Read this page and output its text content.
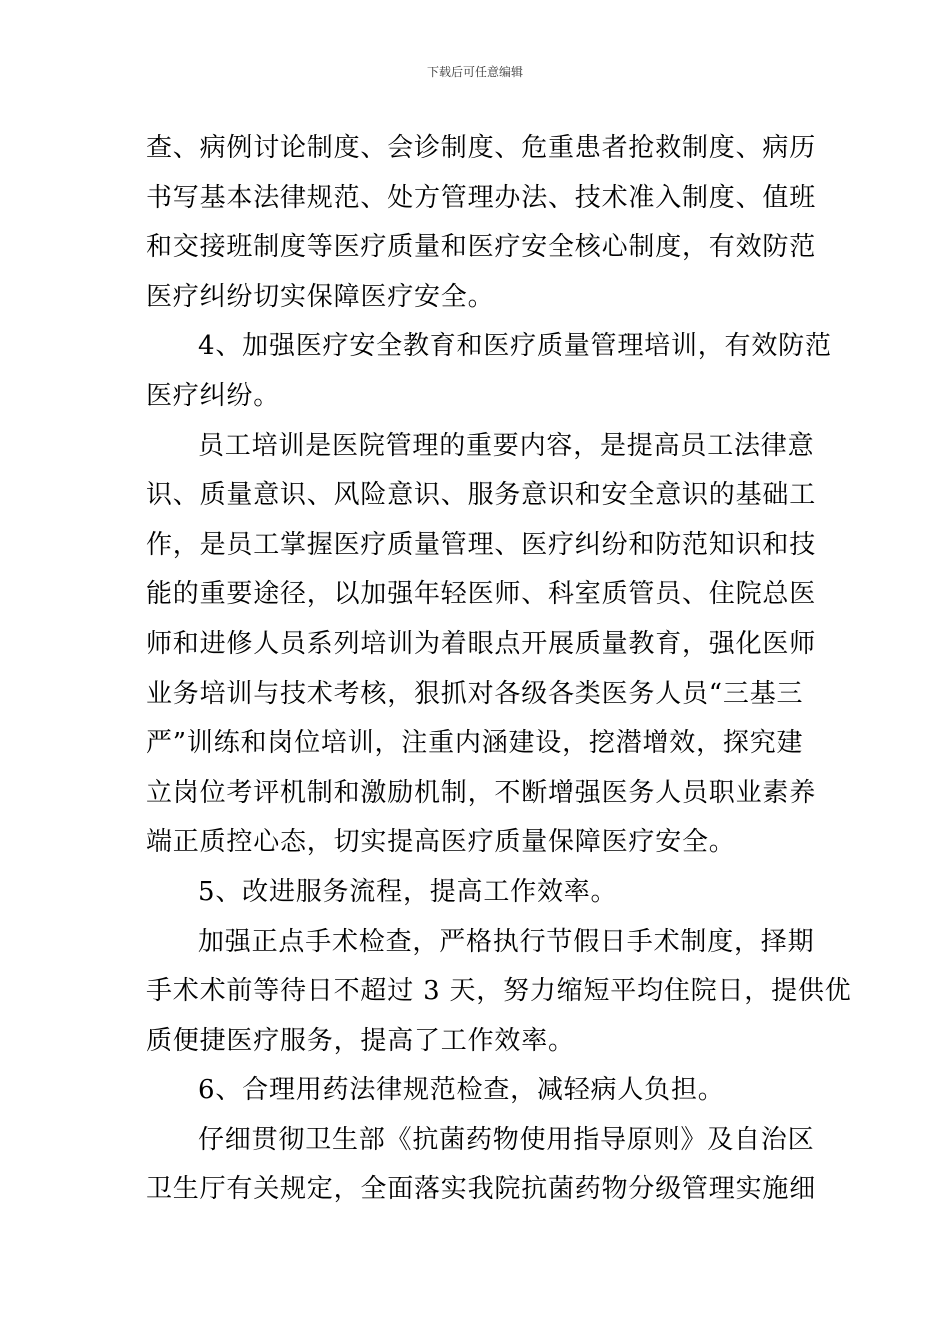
下载后可任意编辑

查、病例讨论制度、会诊制度、危重患者抢救制度、病历
书写基本法律规范、处方管理办法、技术准入制度、值班
和交接班制度等医疗质量和医疗安全核心制度，有效防范
医疗纠纷切实保障医疗安全。

4、加强医疗安全教育和医疗质量管理培训，有效防范
医疗纠纷。

员工培训是医院管理的重要内容，是提高员工法律意
识、质量意识、风险意识、服务意识和安全意识的基础工
作，是员工掌握医疗质量管理、医疗纠纷和防范知识和技
能的重要途径，以加强年轻医师、科室质管员、住院总医
师和进修人员系列培训为着眼点开展质量教育，强化医师
业务培训与技术考核，狠抓对各级各类医务人员“三基三
严”训练和岗位培训，注重内涵建设，挖潜增效，探究建
立岗位考评机制和激励机制，不断增强医务人员职业素养
端正质控心态，切实提高医疗质量保障医疗安全。

5、改进服务流程，提高工作效率。

加强正点手术检查，严格执行节假日手术制度，择期
手术术前等待日不超过 3 天，努力缩短平均住院日，提供优
质便捷医疗服务，提高了工作效率。

6、合理用药法律规范检查，减轻病人负担。

仔细贯彻卫生部《抗菌药物使用指导原则》及自治区
卫生厅有关规定，全面落实我院抗菌药物分级管理实施细
